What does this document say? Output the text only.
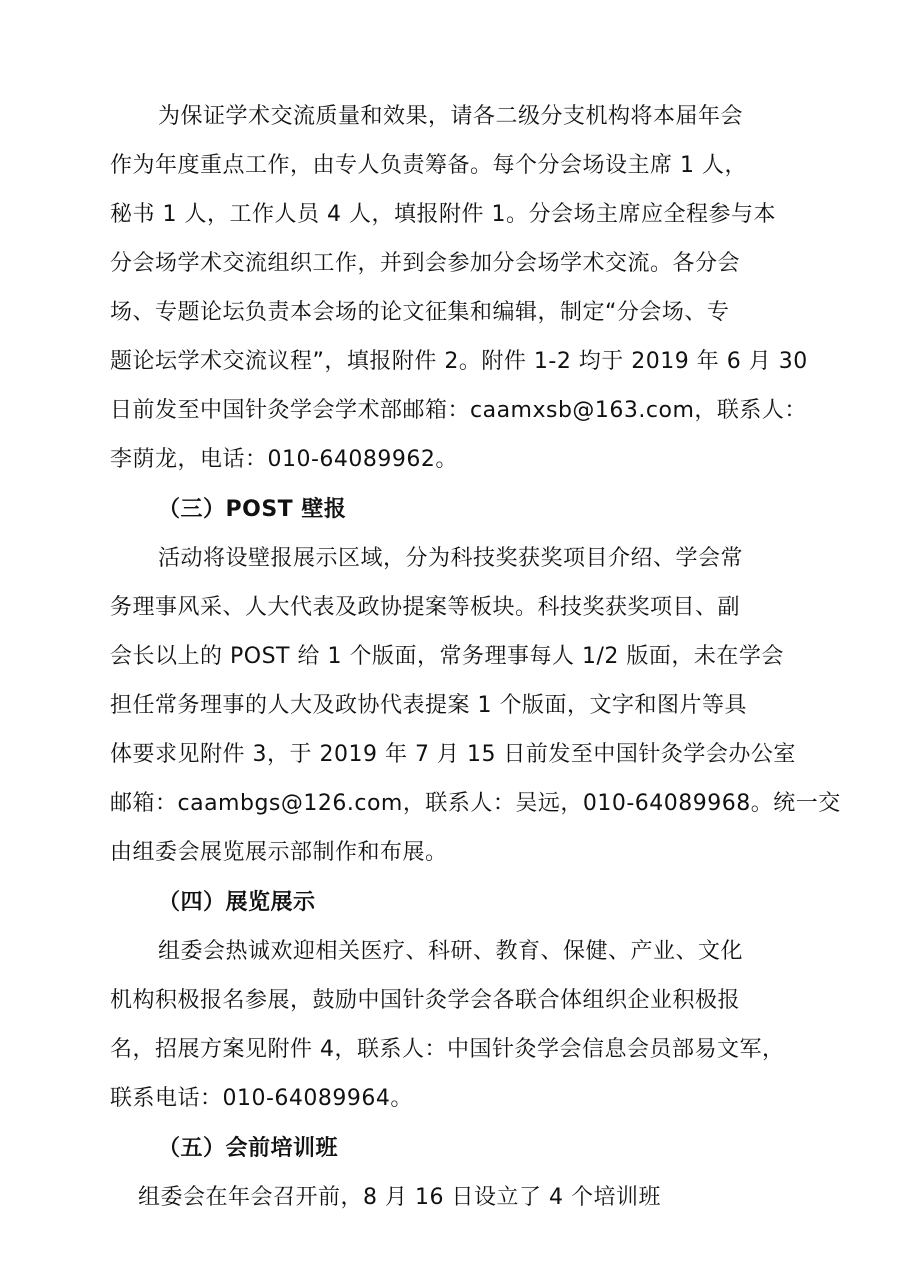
为保证学术交流质量和效果，请各二级分支机构将本届年会
作为年度重点工作，由专人负责筹备。每个分会场设主席 1 人，
秘书 1 人，工作人员 4 人，填报附件 1。分会场主席应全程参与本
分会场学术交流组织工作，并到会参加分会场学术交流。各分会
场、专题论坛负责本会场的论文征集和编辑，制定“分会场、专
题论坛学术交流议程”，填报附件 2。附件 1-2 均于 2019 年 6 月 30
日前发至中国针灸学会学术部邮箱：caamxsb@163.com，联系人：
李荫龙，电话：010-64089962。
（三）POST 壁报
活动将设壁报展示区域，分为科技奖获奖项目介绍、学会常
务理事风采、人大代表及政协提案等板块。科技奖获奖项目、副
会长以上的 POST 给 1 个版面，常务理事每人 1/2 版面，未在学会
担任常务理事的人大及政协代表提案 1 个版面，文字和图片等具
体要求见附件 3，于 2019 年 7 月 15 日前发至中国针灸学会办公室
邮箱：caambgs@126.com，联系人：吴远，010-64089968。统一交
由组委会展览展示部制作和布展。
（四）展览展示
组委会热诚欢迎相关医疗、科研、教育、保健、产业、文化
机构积极报名参展，鼓励中国针灸学会各联合体组织企业积极报
名，招展方案见附件 4，联系人：中国针灸学会信息会员部易文军，
联系电话：010-64089964。
（五）会前培训班
组委会在年会召开前，8 月 16 日设立了 4 个培训班
